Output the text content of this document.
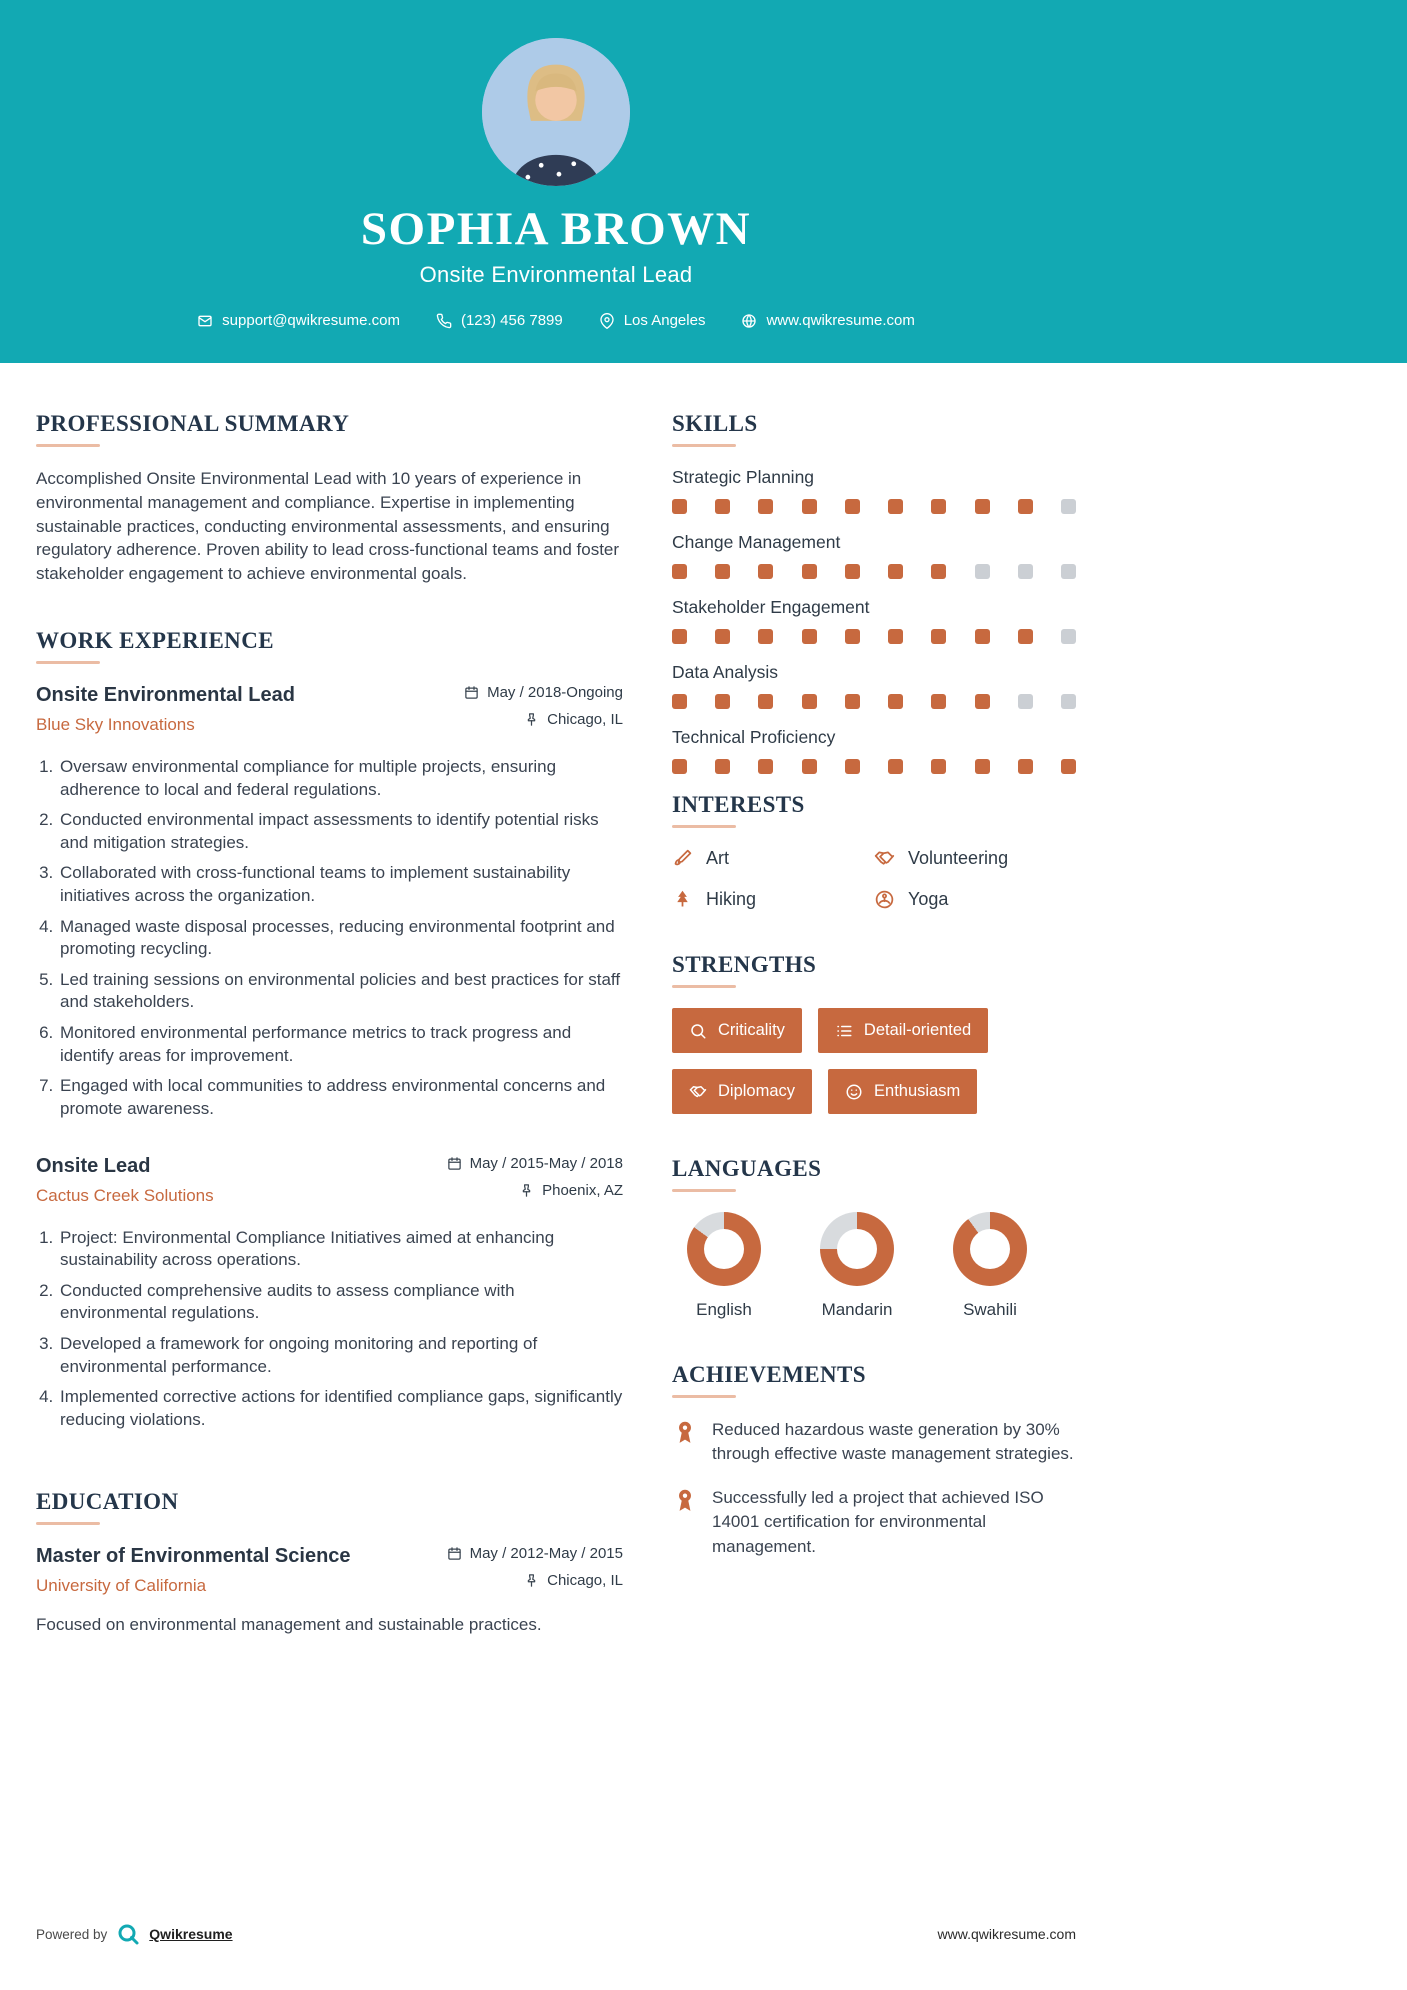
SOPHIA BROWN
Onsite Environmental Lead
support@qwikresume.com	(123) 456 7899	Los Angeles	www.qwikresume.com
PROFESSIONAL SUMMARY

Accomplished Onsite Environmental Lead with 10 years of experience in environmental management and compliance. Expertise in implementing sustainable practices, conducting environmental assessments, and ensuring regulatory adherence. Proven ability to lead cross-functional teams and foster stakeholder engagement to achieve environmental goals.

WORK EXPERIENCE
Onsite Environmental Lead
Blue Sky Innovations
May / 2018-Ongoing
Chicago, IL
1. Oversaw environmental compliance for multiple projects, ensuring adherence to local and federal regulations.
2. Conducted environmental impact assessments to identify potential risks and mitigation strategies.
3. Collaborated with cross-functional teams to implement sustainability initiatives across the organization.
4. Managed waste disposal processes, reducing environmental footprint and promoting recycling.
5. Led training sessions on environmental policies and best practices for staff and stakeholders.
6. Monitored environmental performance metrics to track progress and identify areas for improvement.
7. Engaged with local communities to address environmental concerns and promote awareness.
Onsite Lead
Cactus Creek Solutions
May / 2015-May / 2018
Phoenix, AZ
1. Project: Environmental Compliance Initiatives aimed at enhancing sustainability across operations.
2. Conducted comprehensive audits to assess compliance with environmental regulations.
3. Developed a framework for ongoing monitoring and reporting of environmental performance.
4. Implemented corrective actions for identified compliance gaps, significantly reducing violations.
EDUCATION
Master of Environmental Science
University of California
May / 2012-May / 2015
Chicago, IL

Focused on environmental management and sustainable practices.

SKILLS
Strategic Planning
Change Management
Stakeholder Engagement
Data Analysis
Technical Proficiency
INTERESTS
Art	Volunteering
Hiking	Yoga
STRENGTHS
Criticality	Detail-oriented
Diplomacy	Enthusiasm
LANGUAGES
English	Mandarin	Swahili
ACHIEVEMENTS
Reduced hazardous waste generation by 30% through effective waste management strategies.
Successfully led a project that achieved ISO 14001 certification for environmental management.
Powered by	Qwikresume	www.qwikresume.com
